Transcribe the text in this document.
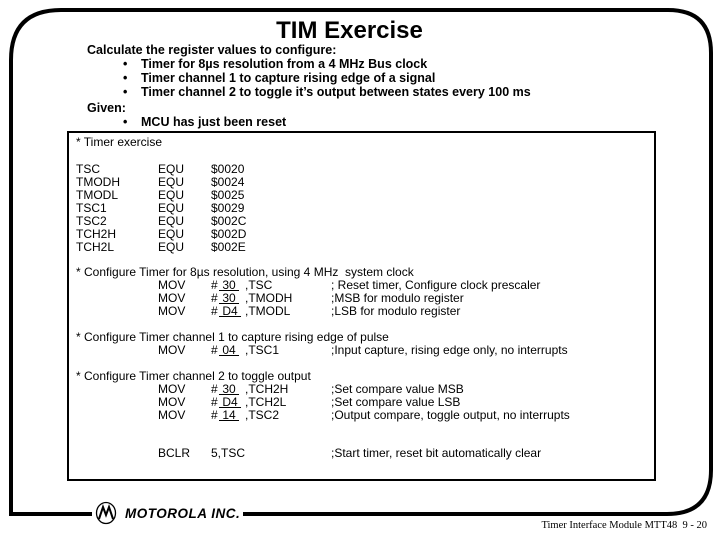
TIM Exercise
Calculate the register values to configure:
• Timer for 8µs resolution from a 4 MHz Bus clock
• Timer channel 1 to capture rising edge of a signal
• Timer channel 2 to toggle it’s output between states every 100 ms
Given:
• MCU has just been reset
* Timer exercise
TSC	EQU $0020
TMODH	EQU $0024
TMODL	EQU $0025
TSC1	EQU $0029
TSC2	EQU $002C
TCH2H	EQU $002D
TCH2L	EQU $002E
* Configure Timer for 8µs resolution, using 4 MHz  system clock
MOV # 30 ,TSC	; Reset timer, Configure clock prescaler
MOV # 30 ,TMODH	;MSB for modulo register
MOV # D4 ,TMODL	;LSB for modulo register
* Configure Timer channel 1 to capture rising edge of pulse
MOV # 04 ,TSC1	;Input capture, rising edge only, no interrupts
* Configure Timer channel 2 to toggle output
MOV # 30 ,TCH2H	;Set compare value MSB
MOV # D4 ,TCH2L	;Set compare value LSB
MOV # 14 ,TSC2	;Output compare, toggle output, no interrupts
BCLR 5,TSC	;Start timer, reset bit automatically clear
MOTOROLA INC.
Timer Interface Module MTT48  9 - 20
